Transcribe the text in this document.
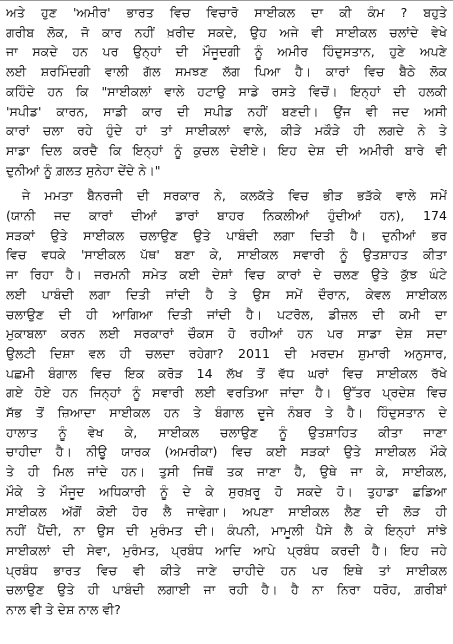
ਅਤੇ ਹੁਣ 'ਅਮੀਰ' ਭਾਰਤ ਵਿਚ ਵਿਚਾਰੋ ਸਾਈਕਲ ਦਾ ਕੀ ਕੰਮ ? ਬਹੁਤੇ
ਗਰੀਬ ਲੋਕ, ਜੋ ਕਾਰ ਨਹੀਂ ਖ਼ਰੀਦ ਸਕਦੇ, ਉਹ ਅਜੇ ਵੀ ਸਾਈਕਲ ਚਲਾਂਦੇ ਵੇਖੇ
ਜਾ ਸਕਦੇ ਹਨ ਪਰ ਉਨ੍ਹਾਂ ਦੀ ਮੌਜੂਦਗੀ ਨੂੰ ਅਮੀਰ ਹਿੰਦੁਸਤਾਨ, ਹੁਣੇ ਅਪਣੇ
ਲਈ ਸ਼ਰਮਿੰਦਗੀ ਵਾਲੀ ਗੱਲ ਸਮਝਣ ਲੱਗ ਪਿਆ ਹੈ। ਕਾਰਾਂ ਵਿਚ ਬੈਠੇ ਲੋਕ
ਕਹਿੰਦੇ ਹਨ ਕਿ "ਸਾਈਕਲਾਂ ਵਾਲੇ ਹਟਾਉ ਸਾਡੇ ਰਸਤੇ ਵਿਚੋਂ। ਇਨ੍ਹਾਂ ਦੀ ਹਲਕੀ
'ਸਪੀਡ' ਕਾਰਨ, ਸਾਡੀ ਕਾਰ ਦੀ ਸਪੀਡ ਨਹੀਂ ਬਣਦੀ। ਉਂਜ ਵੀ ਜਦ ਅਸੀ
ਕਾਰਾਂ ਚਲਾ ਰਹੇ ਹੁੰਦੇ ਹਾਂ ਤਾਂ ਸਾਈਕਲਾਂ ਵਾਲੇ, ਕੀੜੇ ਮਕੌੜੇ ਹੀ ਲਗਦੇ ਨੇ ਤੇ
ਸਾਡਾ ਦਿਲ ਕਰਦੈ ਕਿ ਇਨ੍ਹਾਂ ਨੂੰ ਕੁਚਲ ਦੇਈਏ। ਇਹ ਦੇਸ਼ ਦੀ ਅਮੀਰੀ ਬਾਰੇ ਵੀ
ਦੁਨੀਆਂ ਨੂੰ ਗ਼ਲਤ ਸੁਨੇਹਾ ਦੇਂਦੇ ਨੇ।"
ਜੇ ਮਮਤਾ ਬੈਨਰਜੀ ਦੀ ਸਰਕਾਰ ਨੇ, ਕਲਕੱਤੇ ਵਿਚ ਭੀੜ ਭੜੱਕੇ ਵਾਲੇ ਸਮੇਂ
(ਯਾਨੀ ਜਦ ਕਾਰਾਂ ਦੀਆਂ ਡਾਰਾਂ ਬਾਹਰ ਨਿਕਲੀਆਂ ਹੁੰਦੀਆਂ ਹਨ), 174
ਸੜਕਾਂ ਉਤੇ ਸਾਈਕਲ ਚਲਾਉਣ ਉਤੇ ਪਾਬੰਦੀ ਲਗਾ ਦਿਤੀ ਹੈ। ਦੁਨੀਆਂ ਭਰ
ਵਿਚ ਵਧਕੇ 'ਸਾਈਕਲ ਪੱਥ' ਬਣਾ ਕੇ, ਸਾਈਕਲ ਸਵਾਰੀ ਨੂੰ ਉਤਸ਼ਾਹਤ ਕੀਤਾ
ਜਾ ਰਿਹਾ ਹੈ। ਜਰਮਨੀ ਸਮੇਤ ਕਈ ਦੇਸ਼ਾਂ ਵਿਚ ਕਾਰਾਂ ਦੇ ਚਲਣ ਉਤੇ ਕੁੱਝ ਘੰਟੇ
ਲਈ ਪਾਬੰਦੀ ਲਗਾ ਦਿਤੀ ਜਾਂਦੀ ਹੈ ਤੇ ਉਸ ਸਮੇਂ ਦੌਰਾਨ, ਕੇਵਲ ਸਾਈਕਲ
ਚਲਾਉਣ ਦੀ ਹੀ ਆਗਿਆ ਦਿਤੀ ਜਾਂਦੀ ਹੈ। ਪਟਰੋਲ, ਡੀਜ਼ਲ ਦੀ ਕਮੀ ਦਾ
ਮੁਕਾਬਲਾ ਕਰਨ ਲਈ ਸਰਕਾਰਾਂ ਚੌਕਸ ਹੋ ਰਹੀਆਂ ਹਨ ਪਰ ਸਾਡਾ ਦੇਸ਼ ਸਦਾ
ਉਲਟੀ ਦਿਸ਼ਾ ਵਲ ਹੀ ਚਲਦਾ ਰਹੇਗਾ? 2011 ਦੀ ਮਰਦਮ ਸ਼ੁਮਾਰੀ ਅਨੁਸਾਰ,
ਪਛਮੀ ਬੰਗਾਲ ਵਿਚ ਇਕ ਕਰੋੜ 14 ਲੱਖ ਤੋਂ ਵੱਧ ਘਰਾਂ ਵਿਚ ਸਾਈਕਲ ਰੱਖੇ
ਗਏ ਹੋਏ ਹਨ ਜਿਨ੍ਹਾਂ ਨੂੰ ਸਵਾਰੀ ਲਈ ਵਰਤਿਆ ਜਾਂਦਾ ਹੈ। ਉੱਤਰ ਪ੍ਰਦੇਸ਼ ਵਿਚ
ਸੱਭ ਤੋਂ ਜ਼ਿਆਦਾ ਸਾਈਕਲ ਹਨ ਤੇ ਬੰਗਾਲ ਦੂਜੇ ਨੰਬਰ ਤੇ ਹੈ। ਹਿੰਦੁਸਤਾਨ ਦੇ
ਹਾਲਾਤ ਨੂੰ ਵੇਖ ਕੇ, ਸਾਈਕਲ ਚਲਾਉਣ ਨੂੰ ਉਤਸ਼ਾਹਿਤ ਕੀਤਾ ਜਾਣਾ
ਚਾਹੀਦਾ ਹੈ। ਨੀਊ ਯਾਰਕ (ਅਮਰੀਕਾ) ਵਿਚ ਕਈ ਸੜਕਾਂ ਉਤੇ ਸਾਈਕਲ ਮੌਕੇ
ਤੇ ਹੀ ਮਿਲ ਜਾਂਦੇ ਹਨ। ਤੁਸੀ ਜਿਥੋਂ ਤਕ ਜਾਣਾ ਹੈ, ਉਥੇ ਜਾ ਕੇ, ਸਾਈਕਲ,
ਮੌਕੇ ਤੇ ਮੌਜੂਦ ਅਧਿਕਾਰੀ ਨੂੰ ਦੇ ਕੇ ਸੁਰਖ਼ਰੂ ਹੋ ਸਕਦੇ ਹੋ। ਤੁਹਾਡਾ ਛਡਿਆ
ਸਾਈਕਲ ਅੱਗੋਂ ਕੋਈ ਹੋਰ ਲੈ ਜਾਵੇਗਾ। ਅਪਣਾ ਸਾਈਕਲ ਲੈਣ ਦੀ ਲੋੜ ਹੀ
ਨਹੀਂ ਪੈਂਦੀ, ਨਾ ਉਸ ਦੀ ਮੁਰੰਮਤ ਦੀ। ਕੰਪਨੀ, ਮਾਮੂਲੀ ਪੈਸੇ ਲੈ ਕੇ ਇਨ੍ਹਾਂ ਸਾਂਝੇ
ਸਾਈਕਲਾਂ ਦੀ ਸੇਵਾ, ਮੁਰੰਮਤ, ਪ੍ਰਬੰਧ ਆਦਿ ਆਪੇ ਪ੍ਰਬੰਧ ਕਰਦੀ ਹੈ। ਇਹ ਜਹੇ
ਪ੍ਰਬੰਧ ਭਾਰਤ ਵਿਚ ਵੀ ਕੀਤੇ ਜਾਣੇ ਚਾਹੀਦੇ ਹਨ ਪਰ ਇਥੇ ਤਾਂ ਸਾਈਕਲ
ਚਲਾਉਣ ਉਤੇ ਹੀ ਪਾਬੰਦੀ ਲਗਾਈ ਜਾ ਰਹੀ ਹੈ। ਹੈ ਨਾ ਨਿਰਾ ਧਰੋਹ, ਗ਼ਰੀਬਾਂ
ਨਾਲ ਵੀ ਤੇ ਦੇਸ਼ ਨਾਲ ਵੀ?
